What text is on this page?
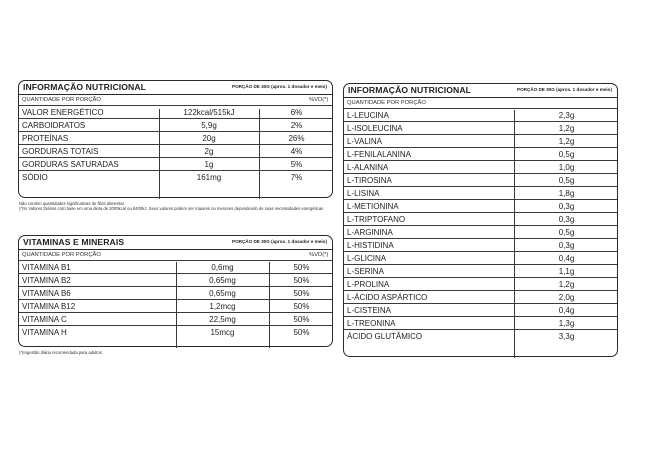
INFORMAÇÃO NUTRICIONAL	PORÇÃO DE 30G (aprox. 1 dosador e meio)
QUANTIDADE POR PORÇÃO	%VD(*)
VALOR ENERGÉTICO	122kcal/515kJ	6%
CARBOIDRATOS	5,9g	2%
PROTEÍNAS	20g	26%
GORDURAS TOTAIS	2g	4%
GORDURAS SATURADAS	1g	5%
SÓDIO	161mg	7%
Não contém quantidades significativas de fibra alimentar.
(*)% Valores Diários com base em uma dieta de 2000kcal ou 8400kJ. Seus valores podem ser maiores ou menores dependendo de suas necessidades energéticas.
VITAMINAS E MINERAIS	PORÇÃO DE 30G (aprox. 1 dosador e meio)
QUANTIDADE POR PORÇÃO	%VD(*)
VITAMINA B1	0,6mg	50%
VITAMINA B2	0,65mg	50%
VITAMINA B6	0,65mg	50%
VITAMINA B12	1,2mcg	50%
VITAMINA C	22,5mg	50%
VITAMINA H	15mcg	50%
(*)Ingestão diária recomendada para adultos.
INFORMAÇÃO NUTRICIONAL	PORÇÃO DE 30G (aprox. 1 dosador e meio)
QUANTIDADE POR PORÇÃO
L-LEUCINA	2,3g
L-ISOLEUCINA	1,2g
L-VALINA	1,2g
L-FENILALANINA	0,5g
L-ALANINA	1,0g
L-TIROSINA	0,5g
L-LISINA	1,8g
L-METIONINA	0,3g
L-TRIPTOFANO	0,3g
L-ARGININA	0,5g
L-HISTIDINA	0,3g
L-GLICINA	0,4g
L-SERINA	1,1g
L-PROLINA	1,2g
L-ÁCIDO ASPÁRTICO	2,0g
L-CISTEINA	0,4g
L-TREONINA	1,3g
ÁCIDO GLUTÂMICO	3,3g
